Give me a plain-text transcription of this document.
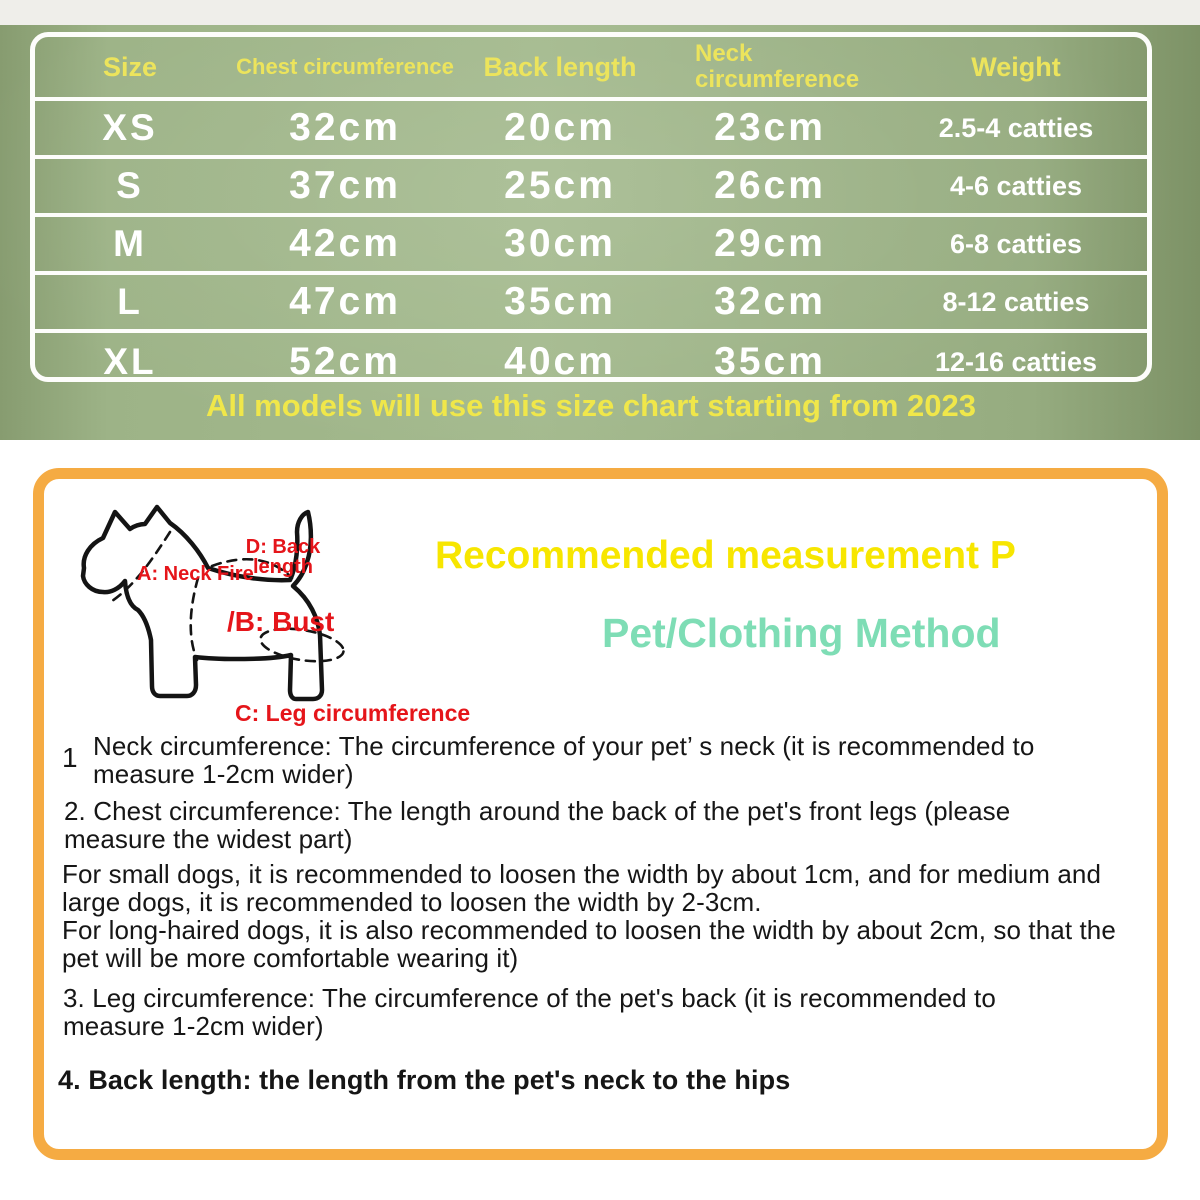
Size	Chest circumference	Back length	Neck circumference	Weight
XS	32cm	20cm	23cm	2.5-4 catties
S	37cm	25cm	26cm	4-6 catties
M	42cm	30cm	29cm	6-8 catties
L	47cm	35cm	32cm	8-12 catties
XL	52cm	40cm	35cm	12-16 catties
All models will use this size chart starting from 2023
A: Neck Fire
D: Back length
/B: Bust
C: Leg circumference
Recommended measurement P
Pet/Clothing Method
1 Neck circumference: The circumference of your pet’ s neck (it is recommended to measure 1-2cm wider)
2. Chest circumference: The length around the back of the pet's front legs (please measure the widest part)
For small dogs, it is recommended to loosen the width by about 1cm, and for medium and large dogs, it is recommended to loosen the width by 2-3cm.
For long-haired dogs, it is also recommended to loosen the width by about 2cm, so that the pet will be more comfortable wearing it)
3. Leg circumference: The circumference of the pet's back (it is recommended to measure 1-2cm wider)
4. Back length: the length from the pet's neck to the hips
